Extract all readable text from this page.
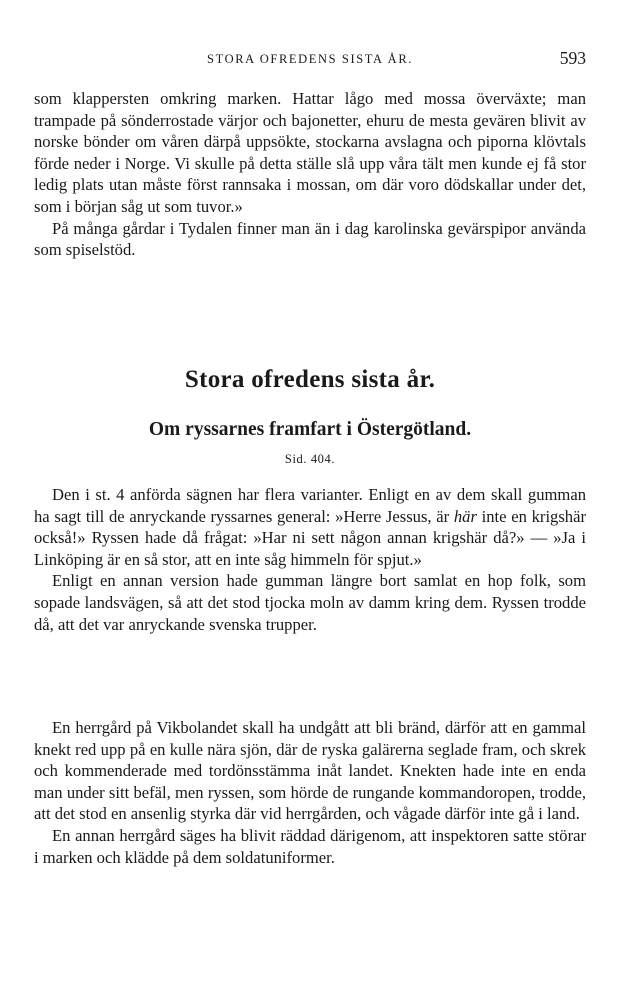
STORA OFREDENS SISTA ÅR.	593

som klappersten omkring marken. Hattar lågo med mossa överväxte; man trampade på sönderrostade värjor och bajonetter, ehuru de mesta gevären blivit av norske bönder om våren därpå uppsökte, stockarna avslagna och piporna klövtals förde neder i Norge. Vi skulle på detta ställe slå upp våra tält men kunde ej få stor ledig plats utan måste först rannsaka i mossan, om där voro dödskallar under det, som i början såg ut som tuvor.»

På många gårdar i Tydalen finner man än i dag karolinska gevärspipor använda som spiselstöd.

Stora ofredens sista år.
Om ryssarnes framfart i Östergötland.
Sid. 404.

Den i st. 4 anförda sägnen har flera varianter. Enligt en av dem skall gumman ha sagt till de anryckande ryssarnes general: »Herre Jessus, är här inte en krigshär också!» Ryssen hade då frågat: »Har ni sett någon annan krigshär då?» — »Ja i Linköping är en så stor, att en inte såg himmeln för spjut.»

Enligt en annan version hade gumman längre bort samlat en hop folk, som sopade landsvägen, så att det stod tjocka moln av damm kring dem. Ryssen trodde då, att det var anryckande svenska trupper.

En herrgård på Vikbolandet skall ha undgått att bli bränd, därför att en gammal knekt red upp på en kulle nära sjön, där de ryska galärerna seglade fram, och skrek och kommenderade med tordönsstämma inåt landet. Knekten hade inte en enda man under sitt befäl, men ryssen, som hörde de rungande kommandoropen, trodde, att det stod en ansenlig styrka där vid herrgården, och vågade därför inte gå i land.

En annan herrgård säges ha blivit räddad därigenom, att inspektoren satte störar i marken och klädde på dem soldatuniformer.
